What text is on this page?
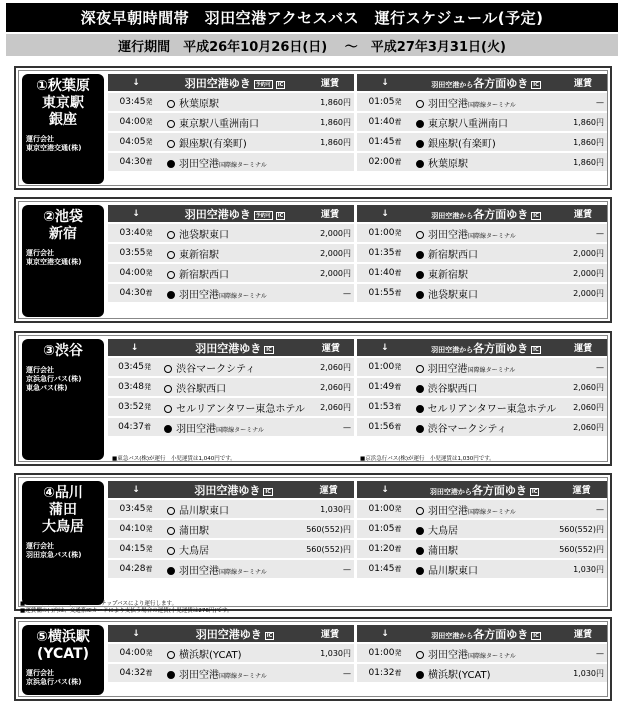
深夜早朝時間帯　羽田空港アクセスバス　運行スケジュール(予定)
運行期間　平成26年10月26日(日)　 ～　平成27年3月31日(火)
①秋葉原
東京駅
銀座
運行会社
東京空港交通(株)
↓	羽田空港ゆき 予約可 IC	運賃
03:45発	秋葉原駅	1,860円
04:00発	東京駅八重洲南口	1,860円
04:05発	銀座駅(有楽町)	1,860円
04:30着	羽田空港国際線ターミナル	
↓	羽田空港から各方面ゆき IC	運賃
01:05発	羽田空港国際線ターミナル	—
01:40着	東京駅八重洲南口	1,860円
01:45着	銀座駅(有楽町)	1,860円
02:00着	秋葉原駅	1,860円
②池袋
新宿
運行会社
東京空港交通(株)
↓	羽田空港ゆき 予約可 IC	運賃
03:40発	池袋駅東口	2,000円
03:55発	東新宿駅	2,000円
04:00発	新宿駅西口	2,000円
04:30着	羽田空港国際線ターミナル	—
↓	羽田空港から各方面ゆき IC	運賃
01:00発	羽田空港国際線ターミナル	—
01:35着	新宿駅西口	2,000円
01:40着	東新宿駅	2,000円
01:55着	池袋駅東口	2,000円
③渋谷
運行会社
京浜急行バス(株)
東急バス(株)
↓	羽田空港ゆき IC	運賃
03:45発	渋谷マークシティ	2,060円
03:48発	渋谷駅西口	2,060円
03:52発	セルリアンタワー東急ホテル	2,060円
04:37着	羽田空港国際線ターミナル	—
↓	羽田空港から各方面ゆき IC	運賃
01:00発	羽田空港国際線ターミナル	—
01:49着	渋谷駅西口	2,060円
01:53着	セルリアンタワー東急ホテル	2,060円
01:56着	渋谷マークシティ	2,060円
■東急バス(株)が運行　小児運賃は1,040円です。	■京浜急行バス(株)が運行　小児運賃は1,030円です。
④品川
蒲田
大鳥居
運行会社
羽田京急バス(株)
↓	羽田空港ゆき IC	運賃
03:45発	品川駅東口	1,030円
04:10発	蒲田駅	560(552)円
04:15発	大鳥居	560(552)円
04:28着	羽田空港国際線ターミナル	—
↓	羽田空港から各方面ゆき IC	運賃
01:00発	羽田空港国際線ターミナル	—
01:05着	大鳥居	560(552)円
01:20着	蒲田駅	560(552)円
01:45着	品川駅東口	1,030円
■ノンステップバスまたはワンステップバスにより運行します。
■運賃欄の( )内は、交通系ICカードにより支払う場合の運賃(小児運賃は276円)です。
⑤横浜駅
(YCAT)
運行会社
京浜急行バス(株)
↓	羽田空港ゆき IC	運賃
04:00発	横浜駅(YCAT)	1,030円
04:32着	羽田空港国際線ターミナル	—
↓	羽田空港から各方面ゆき IC	運賃
01:00発	羽田空港国際線ターミナル	—
01:32着	横浜駅(YCAT)	1,030円
